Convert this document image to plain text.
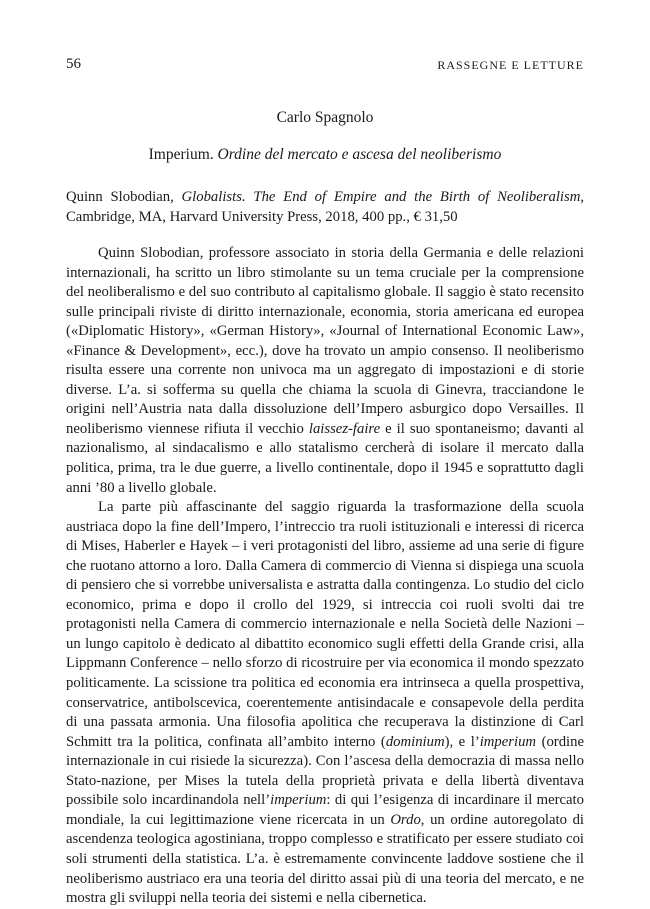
56	RASSEGNE E LETTURE
Carlo Spagnolo
Imperium. Ordine del mercato e ascesa del neoliberismo
Quinn Slobodian, Globalists. The End of Empire and the Birth of Neoliberalism, Cambridge, MA, Harvard University Press, 2018, 400 pp., € 31,50

Quinn Slobodian, professore associato in storia della Germania e delle relazioni internazionali, ha scritto un libro stimolante su un tema cruciale per la comprensione del neoliberalismo e del suo contributo al capitalismo globale. Il saggio è stato recensito sulle principali riviste di diritto internazionale, economia, storia americana ed europea («Diplomatic History», «German History», «Journal of International Economic Law», «Finance & Development», ecc.), dove ha trovato un ampio consenso. Il neoliberismo risulta essere una corrente non univoca ma un aggregato di impostazioni e di storie diverse. L’a. si sofferma su quella che chiama la scuola di Ginevra, tracciandone le origini nell’Austria nata dalla dissoluzione dell’Impero asburgico dopo Versailles. Il neoliberismo viennese rifiuta il vecchio laissez-faire e il suo spontaneismo; davanti al nazionalismo, al sindacalismo e allo statalismo cercherà di isolare il mercato dalla politica, prima, tra le due guerre, a livello continentale, dopo il 1945 e soprattutto dagli anni ’80 a livello globale.

La parte più affascinante del saggio riguarda la trasformazione della scuola austriaca dopo la fine dell’Impero, l’intreccio tra ruoli istituzionali e interessi di ricerca di Mises, Haberler e Hayek – i veri protagonisti del libro, assieme ad una serie di figure che ruotano attorno a loro. Dalla Camera di commercio di Vienna si dispiega una scuola di pensiero che si vorrebbe universalista e astratta dalla contingenza. Lo studio del ciclo economico, prima e dopo il crollo del 1929, si intreccia coi ruoli svolti dai tre protagonisti nella Camera di commercio internazionale e nella Società delle Nazioni – un lungo capitolo è dedicato al dibattito economico sugli effetti della Grande crisi, alla Lippmann Conference – nello sforzo di ricostruire per via economica il mondo spezzato politicamente. La scissione tra politica ed economia era intrinseca a quella prospettiva, conservatrice, antibolscevica, coerentemente antisindacale e consapevole della perdita di una passata armonia. Una filosofia apolitica che recuperava la distinzione di Carl Schmitt tra la politica, confinata all’ambito interno (dominium), e l’imperium (ordine internazionale in cui risiede la sicurezza). Con l’ascesa della democrazia di massa nello Stato-nazione, per Mises la tutela della proprietà privata e della libertà diventava possibile solo incardinandola nell’imperium: di qui l’esigenza di incardinare il mercato mondiale, la cui legittimazione viene ricercata in un Ordo, un ordine autoregolato di ascendenza teologica agostiniana, troppo complesso e stratificato per essere studiato coi soli strumenti della statistica. L’a. è estremamente convincente laddove sostiene che il neoliberismo austriaco era una teoria del diritto assai più di una teoria del mercato, e ne mostra gli sviluppi nella teoria dei sistemi e nella cibernetica.
